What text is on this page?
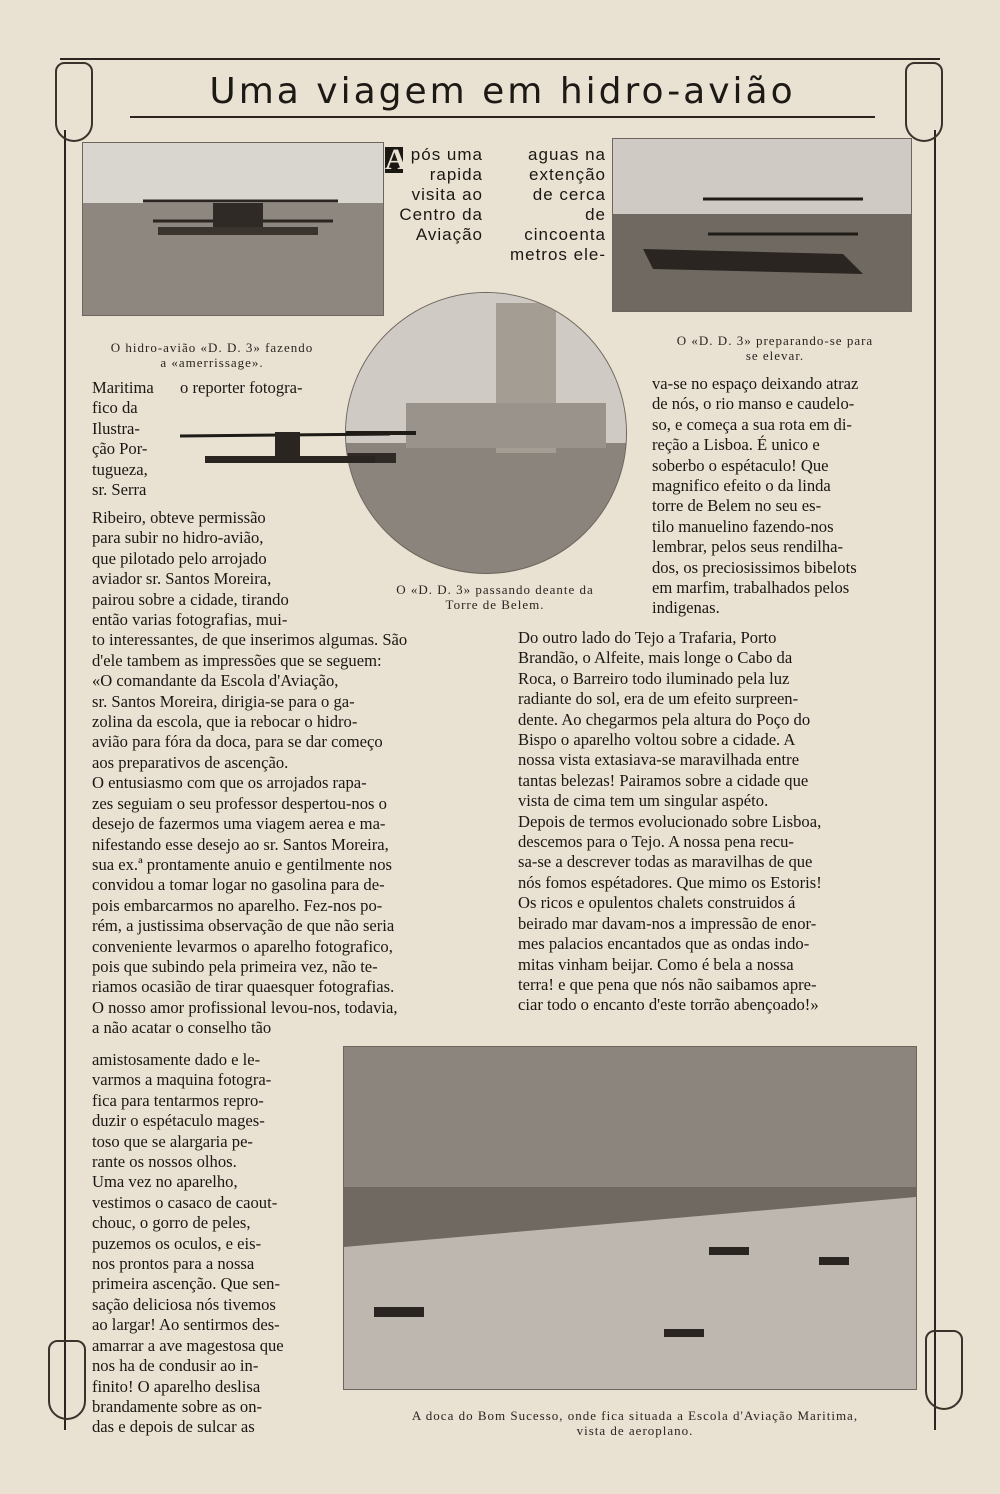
Uma viagem em hidro-avião
O hidro-avião «D. D. 3» fazendo
a «amerrissage».
O «D. D. 3» preparando-se para
se elevar.
A pós uma
rapida
visita ao
Centro da
Aviação
aguas na
extenção
de cerca de
cincoenta
metros ele-
O «D. D. 3» passando deante da
Torre de Belem.
Maritima
fico da
Ilustra-
ção Por-
tugueza,
sr. Serra
o reporter fotogra-
Ribeiro, obteve permissão
para subir no hidro-avião,
que pilotado pelo arrojado
aviador sr. Santos Moreira,
pairou sobre a cidade, tirando
então varias fotografias, mui-
to interessantes, de que inserimos algumas. São
d'ele tambem as impressões que se seguem:
«O comandante da Escola d'Aviação,
sr. Santos Moreira, dirigia-se para o ga-
zolina da escola, que ia rebocar o hidro-
avião para fóra da doca, para se dar começo
aos preparativos de ascenção.
O entusiasmo com que os arrojados rapa-
zes seguiam o seu professor despertou-nos o
desejo de fazermos uma viagem aerea e ma-
nifestando esse desejo ao sr. Santos Moreira,
sua ex.ª prontamente anuio e gentilmente nos
convidou a tomar logar no gasolina para de-
pois embarcarmos no aparelho. Fez-nos po-
rém, a justissima observação de que não seria
conveniente levarmos o aparelho fotografico,
pois que subindo pela primeira vez, não te-
riamos ocasião de tirar quaesquer fotografias.
O nosso amor profissional levou-nos, todavia,
a não acatar o conselho tão
amistosamente dado e le-
varmos a maquina fotogra-
fica para tentarmos repro-
duzir o espétaculo mages-
toso que se alargaria pe-
rante os nossos olhos.
Uma vez no aparelho,
vestimos o casaco de caout-
chouc, o gorro de peles,
puzemos os oculos, e eis-
nos prontos para a nossa
primeira ascenção. Que sen-
sação deliciosa nós tivemos
ao largar! Ao sentirmos des-
amarrar a ave magestosa que
nos ha de condusir ao in-
finito! O aparelho deslisa
brandamente sobre as on-
das e depois de sulcar as
va-se no espaço deixando atraz
de nós, o rio manso e caudelo-
so, e começa a sua rota em di-
reção a Lisboa. É unico e
soberbo o espétaculo! Que
magnifico efeito o da linda
torre de Belem no seu es-
tilo manuelino fazendo-nos
lembrar, pelos seus rendilha-
dos, os preciosissimos bibelots
em marfim, trabalhados pelos
indigenas.
Do outro lado do Tejo a Trafaria, Porto
Brandão, o Alfeite, mais longe o Cabo da
Roca, o Barreiro todo iluminado pela luz
radiante do sol, era de um efeito surpreen-
dente. Ao chegarmos pela altura do Poço do
Bispo o aparelho voltou sobre a cidade. A
nossa vista extasiava-se maravilhada entre
tantas belezas! Pairamos sobre a cidade que
vista de cima tem um singular aspéto.
Depois de termos evolucionado sobre Lisboa,
descemos para o Tejo. A nossa pena recu-
sa-se a descrever todas as maravilhas de que
nós fomos espétadores. Que mimo os Estoris!
Os ricos e opulentos chalets construidos á
beirado mar davam-nos a impressão de enor-
mes palacios encantados que as ondas indo-
mitas vinham beijar. Como é bela a nossa
terra! e que pena que nós não saibamos apre-
ciar todo o encanto d'este torrão abençoado!»
A doca do Bom Sucesso, onde fica situada a Escola d'Aviação Maritima,
vista de aeroplano.
